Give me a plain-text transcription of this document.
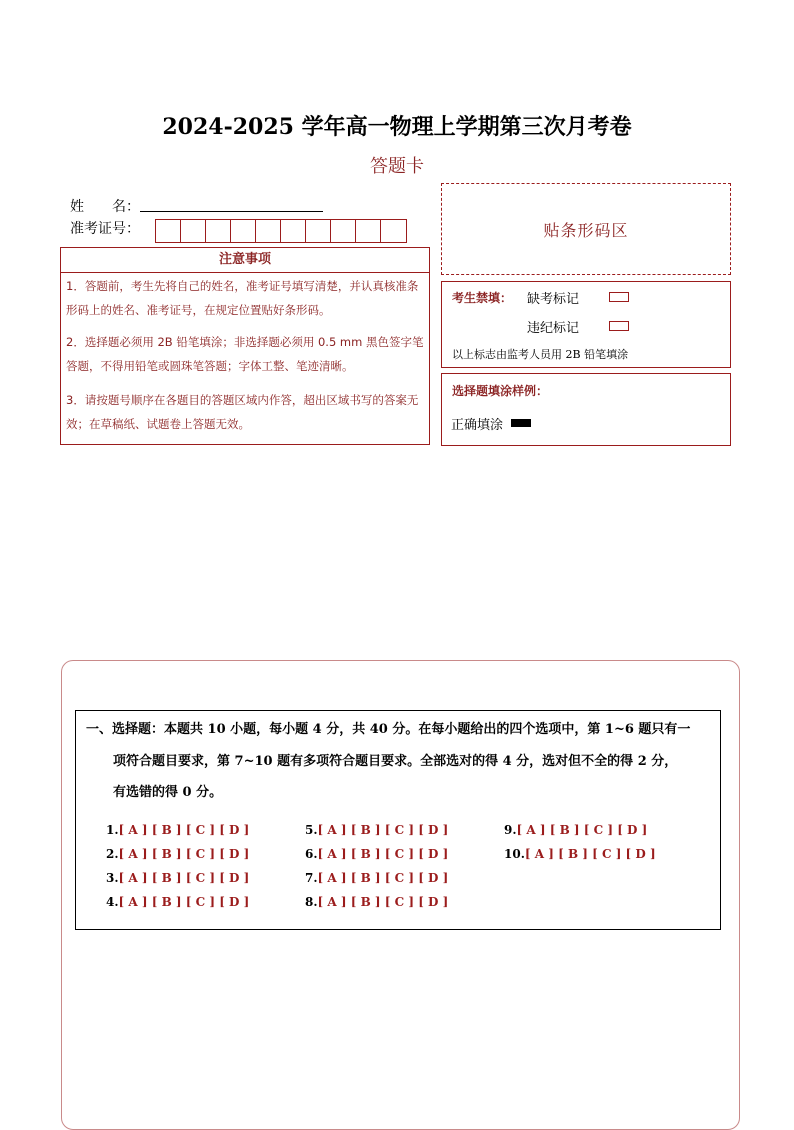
2024-2025 学年高一物理上学期第三次月考卷
答题卡
姓　　名：
准考证号：
注意事项
1．答题前，考生先将自己的姓名，准考证号填写清楚，并认真核准条形码上的姓名、准考证号，在规定位置贴好条形码。
2．选择题必须用 2B 铅笔填涂；非选择题必须用 0.5 mm 黑色签字笔答题，不得用铅笔或圆珠笔答题；字体工整、笔迹清晰。
3．请按题号顺序在各题目的答题区域内作答，超出区域书写的答案无效；在草稿纸、试题卷上答题无效。
贴条形码区
考生禁填： 缺考标记
违纪标记
以上标志由监考人员用 2B 铅笔填涂
选择题填涂样例：
正确填涂
一、选择题：本题共 10 小题，每小题 4 分，共 40 分。在每小题给出的四个选项中，第 1~6 题只有一
项符合题目要求，第 7~10 题有多项符合题目要求。全部选对的得 4 分，选对但不全的得 2 分，
有选错的得 0 分。
1.[ A ] [ B ] [ C ] [ D ]
2.[ A ] [ B ] [ C ] [ D ]
3.[ A ] [ B ] [ C ] [ D ]
4.[ A ] [ B ] [ C ] [ D ]
5.[ A ] [ B ] [ C ] [ D ]
6.[ A ] [ B ] [ C ] [ D ]
7.[ A ] [ B ] [ C ] [ D ]
8.[ A ] [ B ] [ C ] [ D ]
9.[ A ] [ B ] [ C ] [ D ]
10.[ A ] [ B ] [ C ] [ D ]
